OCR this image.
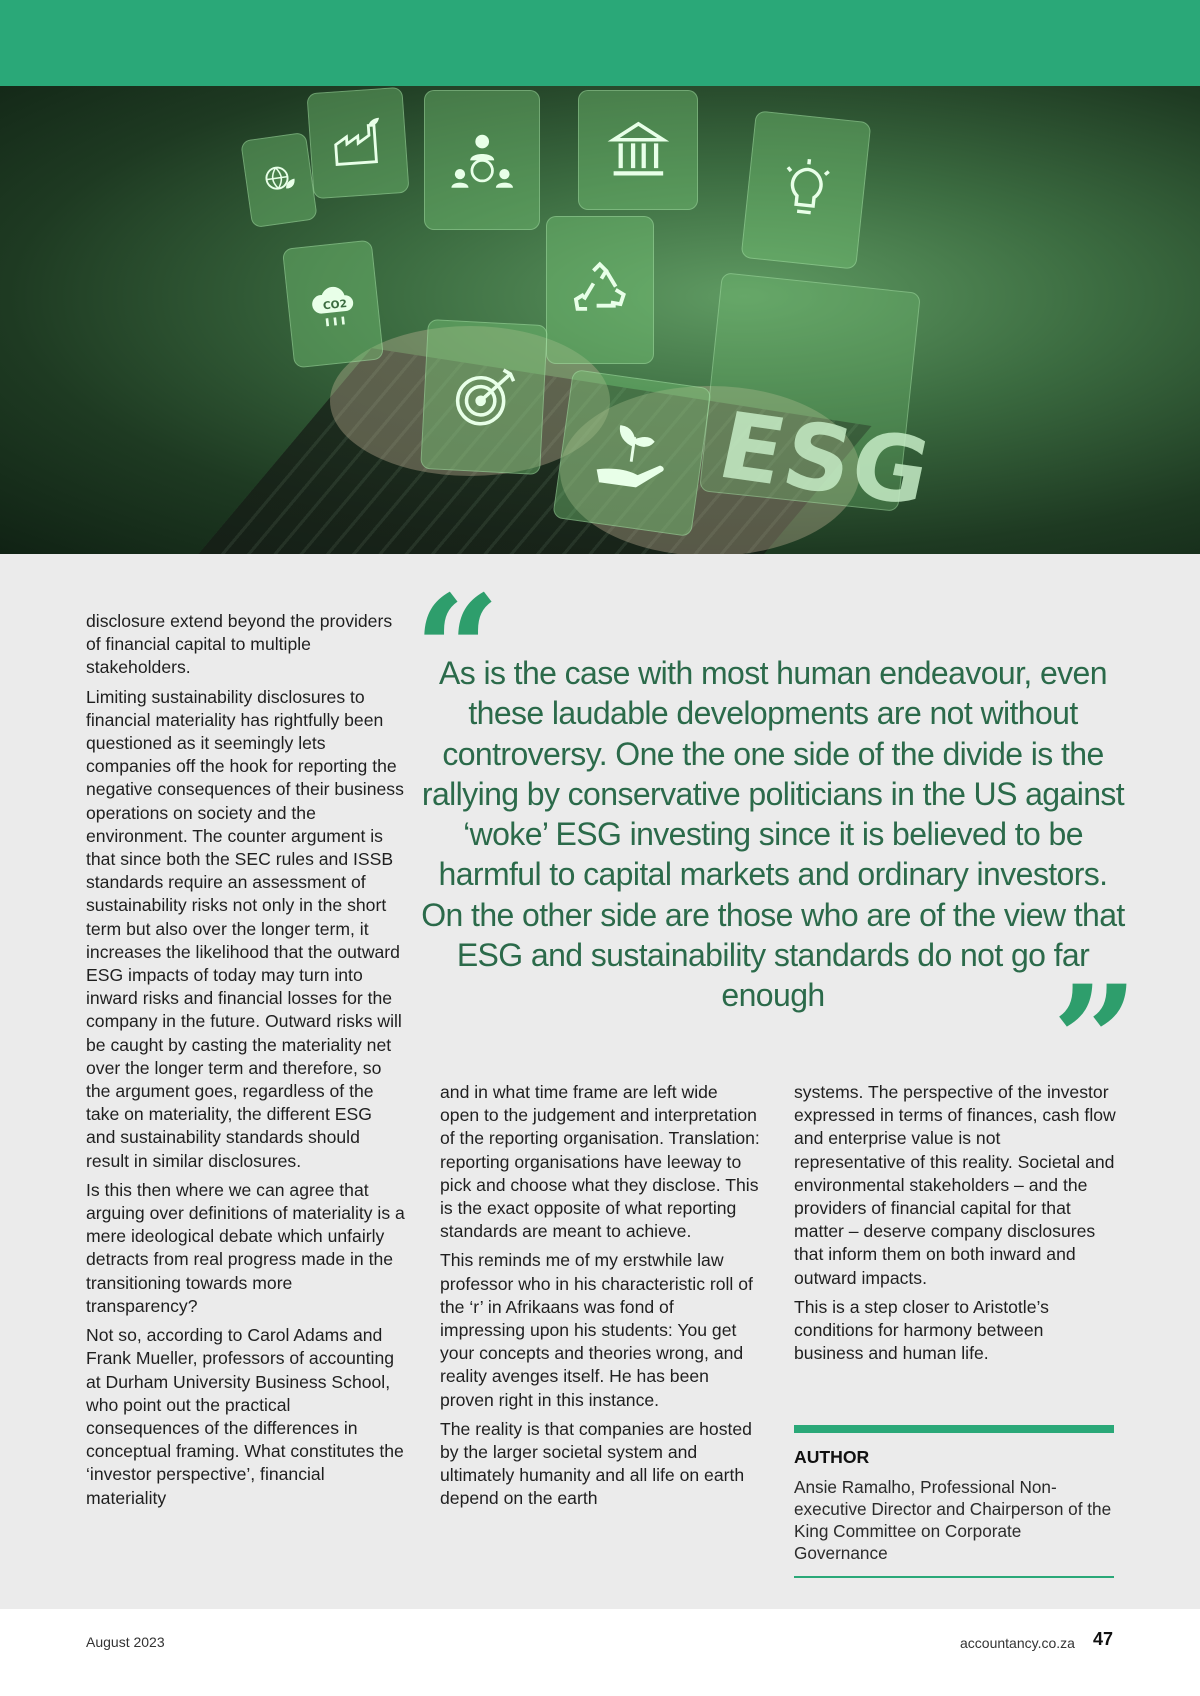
CO2
ESG

disclosure extend beyond the providers of financial capital to multiple stakeholders.

Limiting sustainability disclosures to financial materiality has rightfully been questioned as it seemingly lets companies off the hook for reporting the negative consequences of their business operations on society and the environment. The counter argument is that since both the SEC rules and ISSB standards require an assessment of sustainability risks not only in the short term but also over the longer term, it increases the likelihood that the outward ESG impacts of today may turn into inward risks and financial losses for the company in the future. Outward risks will be caught by casting the materiality net over the longer term and therefore, so the argument goes, regardless of the take on materiality, the different ESG and sustainability standards should result in similar disclosures.

Is this then where we can agree that arguing over definitions of materiality is a mere ideological debate which unfairly detracts from real progress made in the transitioning towards more transparency?

Not so, according to Carol Adams and Frank Mueller, professors of accounting at Durham University Business School, who point out the practical consequences of the differences in conceptual framing. What constitutes the ‘investor perspective’, financial materiality

“
As is the case with most human endeavour, even these laudable developments are not without controversy. One the one side of the divide is the rallying by conservative politicians in the US against ‘woke’ ESG investing since it is believed to be harmful to capital markets and ordinary investors. On the other side are those who are of the view that ESG and sustainability standards do not go far enough	”

and in what time frame are left wide open to the judgement and interpretation of the reporting organisation. Translation: reporting organisations have leeway to pick and choose what they disclose. This is the exact opposite of what reporting standards are meant to achieve.

This reminds me of my erstwhile law professor who in his characteristic roll of the ‘r’ in Afrikaans was fond of impressing upon his students: You get your concepts and theories wrong, and reality avenges itself. He has been proven right in this instance.

The reality is that companies are hosted by the larger societal system and ultimately humanity and all life on earth depend on the earth

systems. The perspective of the investor expressed in terms of finances, cash flow and enterprise value is not representative of this reality. Societal and environmental stakeholders – and the providers of financial capital for that matter – deserve company disclosures that inform them on both inward and outward impacts.

This is a step closer to Aristotle’s conditions for harmony between business and human life.

AUTHOR
Ansie Ramalho, Professional Non-executive Director and Chairperson of the King Committee on Corporate Governance
August 2023	accountancy.co.za 47
